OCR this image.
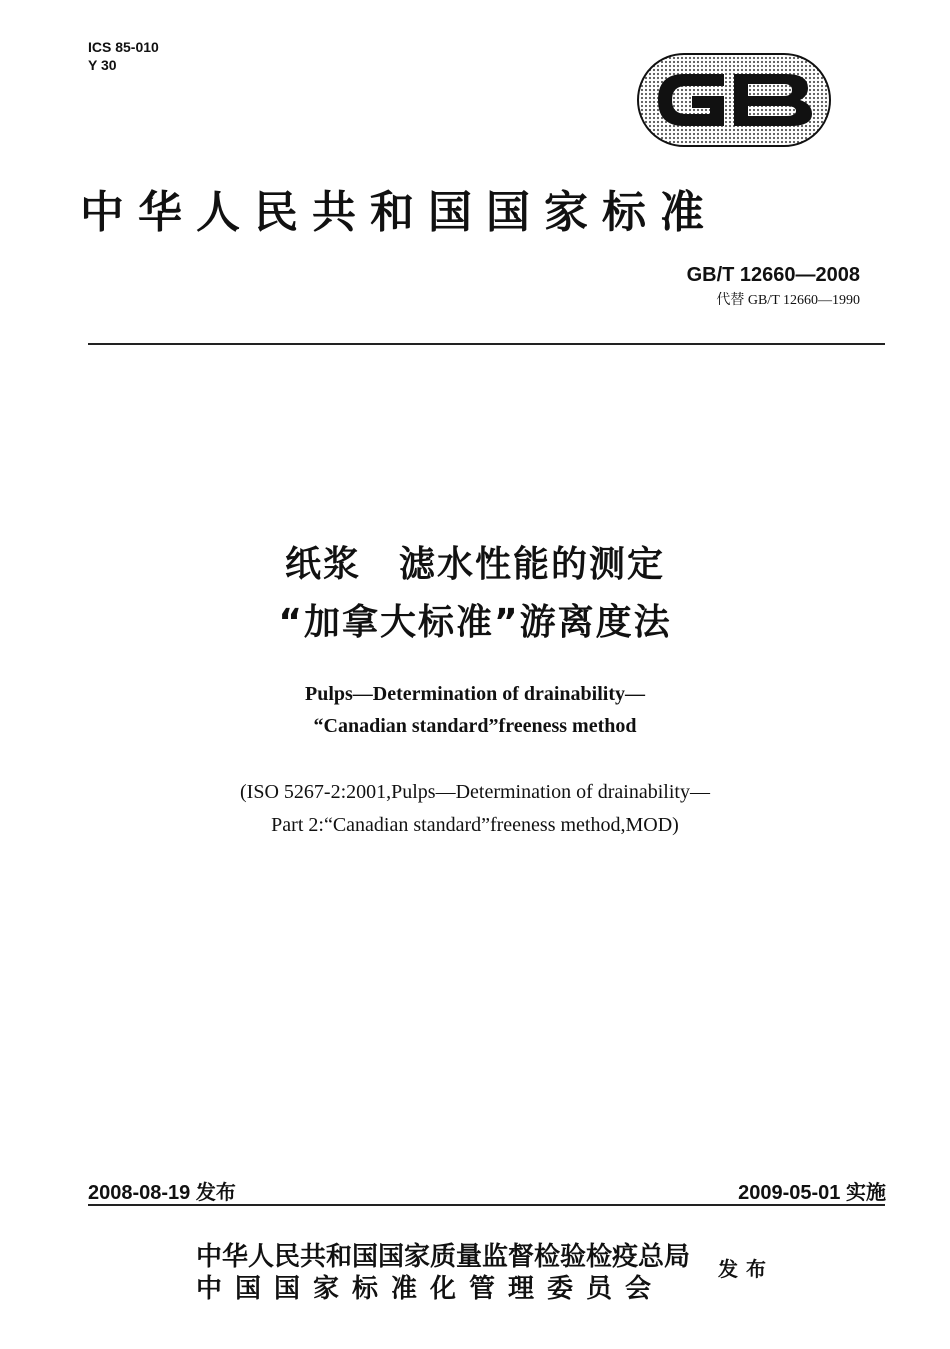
ICS 85-010
Y 30
中华人民共和国国家标准
GB/T 12660—2008
代替 GB/T 12660—1990
纸浆　滤水性能的测定
“加拿大标准”游离度法
Pulps—Determination of drainability—
“Canadian standard”freeness method
(ISO 5267-2:2001,Pulps—Determination of drainability—
Part 2:“Canadian standard”freeness method,MOD)
2008-08-19 发布	2009-05-01 实施
中华人民共和国国家质量监督检验检疫总局
中国国家标准化管理委员会
发布
